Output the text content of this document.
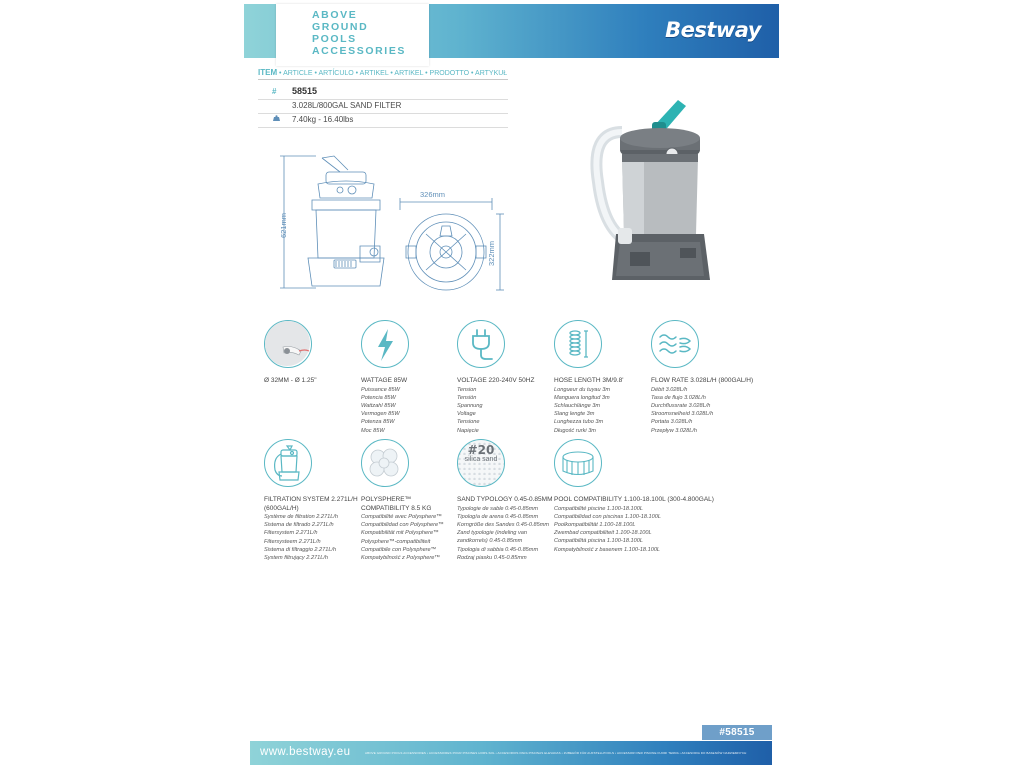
ABOVE
GROUND
POOLS
ACCESSORIES
Bestway
ITEM • ARTICLE • ARTÍCULO • ARTIKEL • ARTIKEL • PRODOTTO • ARTYKUŁ
# 58515
3.028L/800GAL SAND FILTER
7.40kg - 16.40lbs
621mm
326mm
322mm
Ø 32MM - Ø 1.25"	WATTAGE 85W
Puissance 85W
Potencia 85W
Wattzahl 85W
Vermogen 85W
Potenza 85W
Moc 85W
VOLTAGE 220-240V 50HZ
Tension
Tensión
Spannung
Voltage
Tensione
Napięcie
HOSE LENGTH 3M/9.8'
Longueur du tuyau 3m
Manguera longitud 3m
Schlauchlänge 3m
Slang lengte 3m
Lunghezza tubo 3m
Długość rurki 3m
FLOW RATE 3.028L/H (800GAL/H)
Débit 3.028L/h
Tasa de flujo 3.028L/h
Durchflussrate 3.028L/h
Stroomsnelheid 3.028L/h
Portata 3.028L/h
Przepływ 3.028L/h
FILTRATION SYSTEM 2.271L/H (600GAL/H)
Système de filtration 2.271L/h
Sistema de filtrado 2.271L/h
Filtersystem 2.271L/h
Filtersysteem 2.271L/h
Sistema di filtraggio 2.271L/h
System filtrujący 2.271L/h
POLYSPHERE™ COMPATIBILITY 8.5 KG
Compatibilité avec Polysphere™
Compatibilidad con Polysphere™
Kompatibilität mit Polysphere™
Polysphere™-compatibiliteit
Compatibile con Polysphere™
Kompatybilność z Polysphere™
#20
silica sand
SAND TYPOLOGY 0.45-0.85MM
Typologie de sable 0.45-0.85mm
Tipología de arena 0.45-0.85mm
Korngröße des Sandes 0.45-0.85mm
Zand typologie (indeling van zandkorrels) 0.45-0.85mm
Tipologia di sabbia 0.45-0.85mm
Rodzaj piasku 0.45-0.85mm
POOL COMPATIBILITY 1.100-18.100L (300-4.800GAL)
Compatibilité piscine 1.100-18.100L
Compatibilidad con piscinas 1.100-18.100L
Poolkompatibilität 1.100-18.100L
Zwembad compatibiliteit 1.100-18.100L
Compatibilità piscina 1.100-18.100L
Kompatybilność z basenem 1.100-18.100L
#58515
www.bestway.eu	ABOVE GROUND POOLS ACCESSORIES • ACCESSOIRES POUR PISCINES HORS-SOL • ACCESORIOS PARA PISCINAS ELEVADAS • ZUBEHÖR FÜR AUFSTELLPOOLS • ACCESSORI PER PISCINE FUORI TERRA • AKCESORIA DO BASENÓW NADZIEMNYCH
